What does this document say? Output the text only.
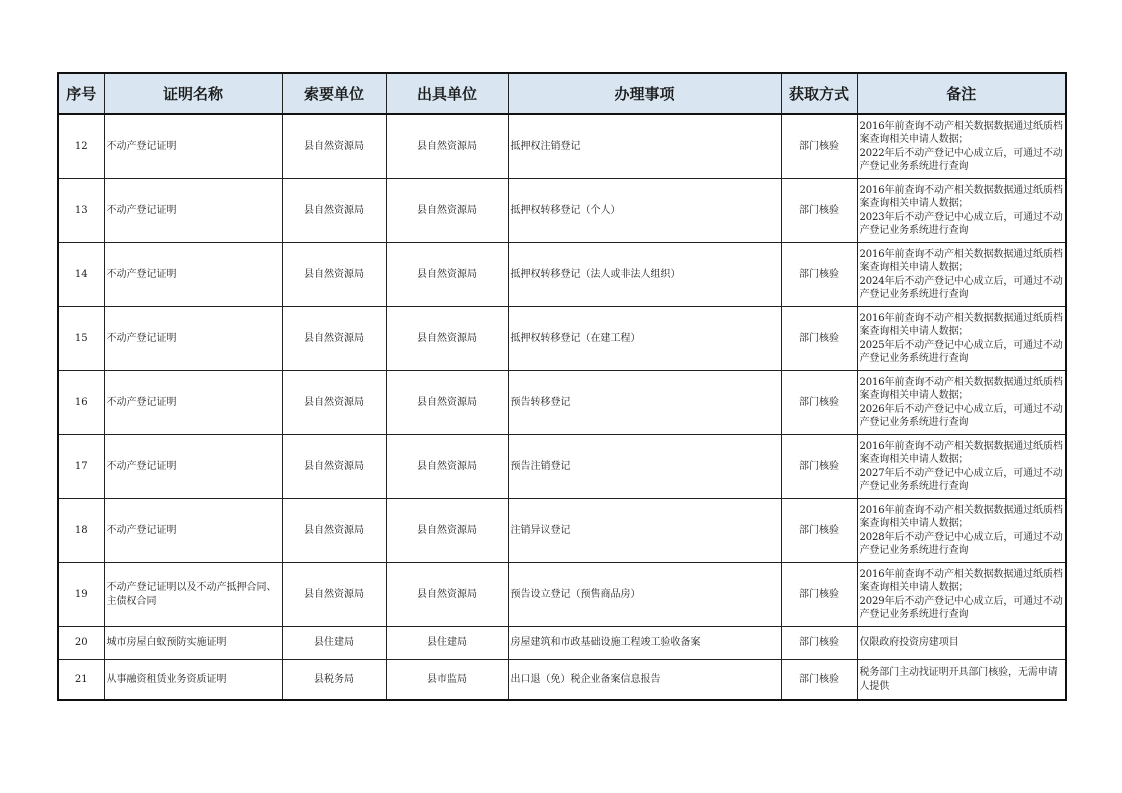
序号	证明名称	索要单位	出具单位	办理事项	获取方式	备注
12	不动产登记证明	县自然资源局	县自然资源局	抵押权注销登记	部门核验	2016年前查询不动产相关数据数据通过纸质档案查询相关申请人数据；
2022年后不动产登记中心成立后，可通过不动产登记业务系统进行查询

13	不动产登记证明	县自然资源局	县自然资源局	抵押权转移登记（个人）	部门核验	2016年前查询不动产相关数据数据通过纸质档案查询相关申请人数据；
2023年后不动产登记中心成立后，可通过不动产登记业务系统进行查询

14	不动产登记证明	县自然资源局	县自然资源局	抵押权转移登记（法人或非法人组织）	部门核验	2016年前查询不动产相关数据数据通过纸质档案查询相关申请人数据；
2024年后不动产登记中心成立后，可通过不动产登记业务系统进行查询

15	不动产登记证明	县自然资源局	县自然资源局	抵押权转移登记（在建工程）	部门核验	2016年前查询不动产相关数据数据通过纸质档案查询相关申请人数据；
2025年后不动产登记中心成立后，可通过不动产登记业务系统进行查询

16	不动产登记证明	县自然资源局	县自然资源局	预告转移登记	部门核验	2016年前查询不动产相关数据数据通过纸质档案查询相关申请人数据；
2026年后不动产登记中心成立后，可通过不动产登记业务系统进行查询

17	不动产登记证明	县自然资源局	县自然资源局	预告注销登记	部门核验	2016年前查询不动产相关数据数据通过纸质档案查询相关申请人数据；
2027年后不动产登记中心成立后，可通过不动产登记业务系统进行查询

18	不动产登记证明	县自然资源局	县自然资源局	注销异议登记	部门核验	2016年前查询不动产相关数据数据通过纸质档案查询相关申请人数据；
2028年后不动产登记中心成立后，可通过不动产登记业务系统进行查询

19	不动产登记证明以及不动产抵押合同、主债权合同	县自然资源局	县自然资源局	预告设立登记（预售商品房）	部门核验	2016年前查询不动产相关数据数据通过纸质档案查询相关申请人数据；
2029年后不动产登记中心成立后，可通过不动产登记业务系统进行查询

20	城市房屋白蚁预防实施证明	县住建局	县住建局	房屋建筑和市政基础设施工程竣工验收备案	部门核验	仅限政府投资房建项目

21	从事融资租赁业务资质证明	县税务局	县市监局	出口退（免）税企业备案信息报告	部门核验	税务部门主动找证明开具部门核验，无需申请人提供
